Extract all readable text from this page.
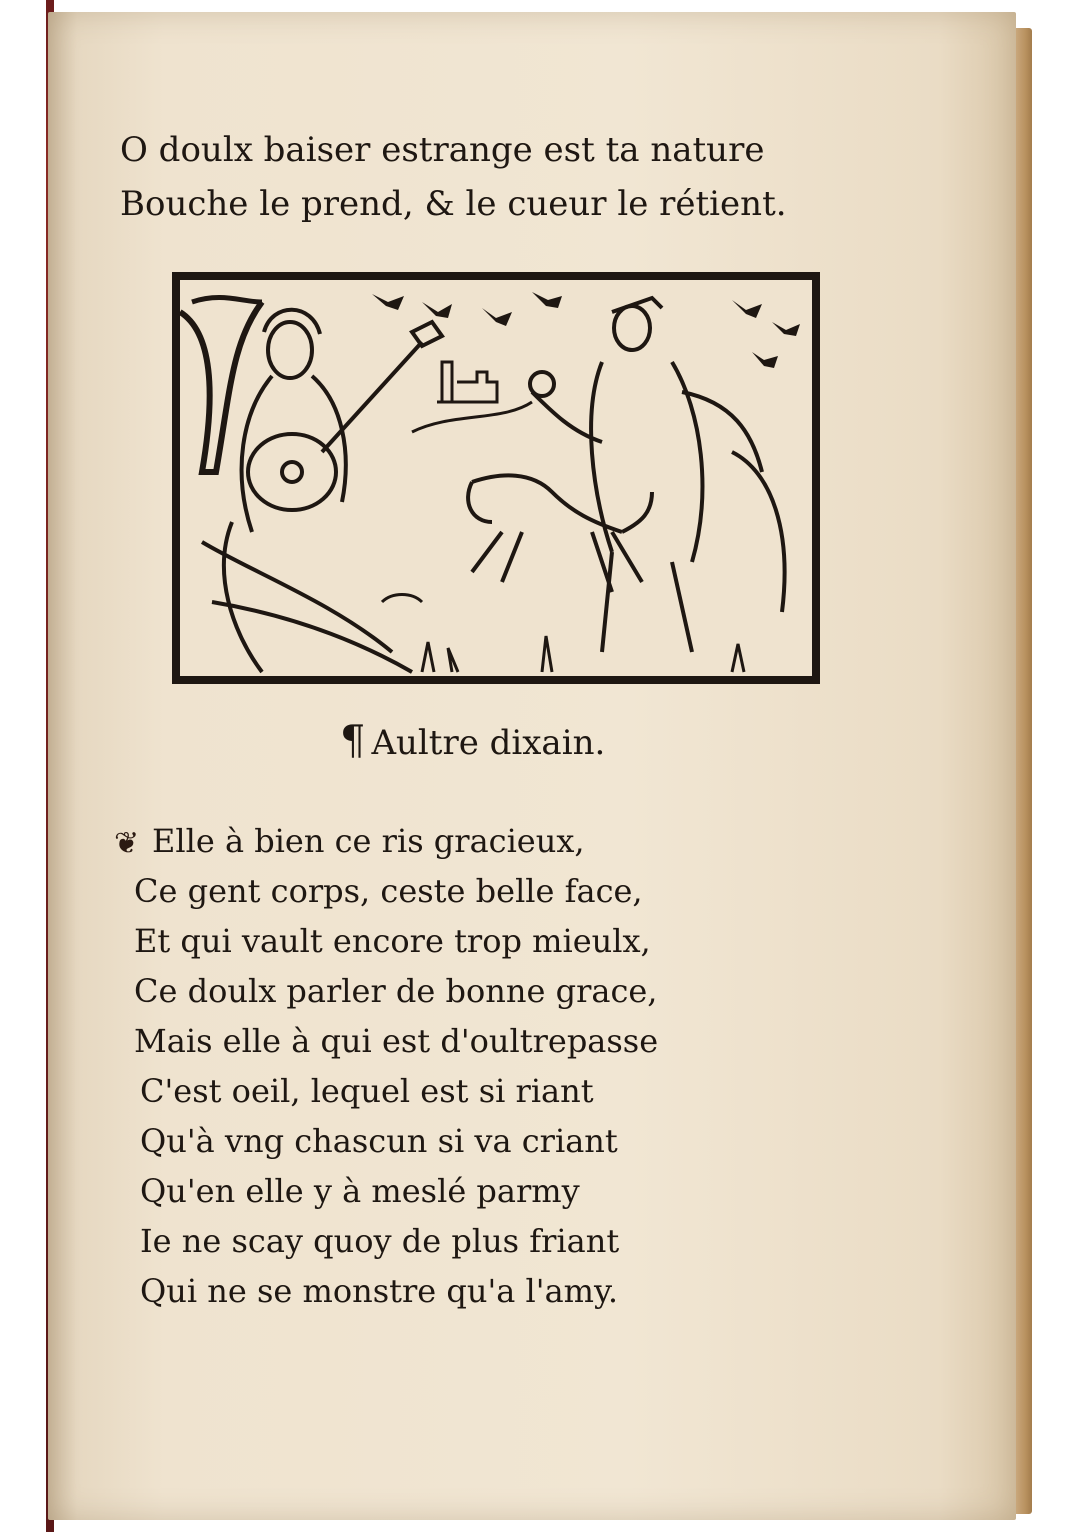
O doulx baiser estrange est ta nature
Bouche le prend, & le cueur le rétient.
¶ Aultre dixain.
❦ Elle à bien ce ris gracieux,
Ce gent corps, ceste belle face,
Et qui vault encore trop mieulx,
Ce doulx parler de bonne grace,
Mais elle à qui est d'oultrepasse
C'est oeil, lequel est si riant
Qu'à vng chascun si va criant
Qu'en elle y à meslé parmy
Ie ne scay quoy de plus friant
Qui ne se monstre qu'a l'amy.
